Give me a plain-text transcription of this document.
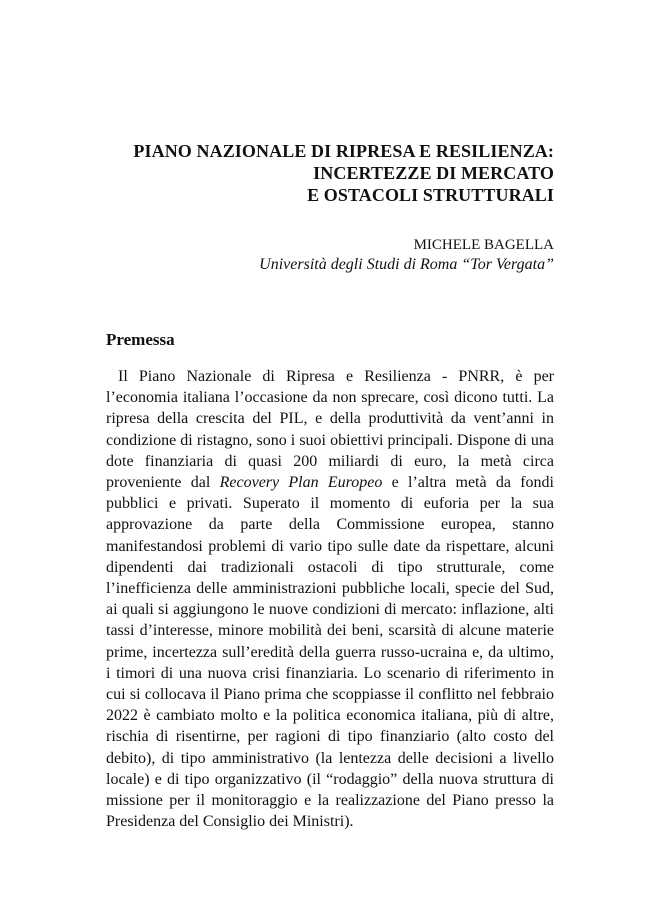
PIANO NAZIONALE DI RIPRESA E RESILIENZA:
INCERTEZZE DI MERCATO
E OSTACOLI STRUTTURALI
MICHELE BAGELLA
Università degli Studi di Roma “Tor Vergata”
Premessa

Il Piano Nazionale di Ripresa e Resilienza - PNRR, è per l’economia italiana l’occasione da non sprecare, così dicono tutti. La ripresa della crescita del PIL, e della produttività da vent’anni in condizione di ristagno, sono i suoi obiettivi principali. Dispone di una dote finanziaria di quasi 200 miliardi di euro, la metà circa proveniente dal Recovery Plan Europeo e l’altra metà da fondi pubblici e privati. Superato il momento di euforia per la sua approvazione da parte della Commissione europea, stanno manifestandosi problemi di vario tipo sulle date da rispettare, alcuni dipendenti dai tradizionali ostacoli di tipo strutturale, come l’inefficienza delle amministrazioni pubbliche locali, specie del Sud, ai quali si aggiungono le nuove condizioni di mercato: inflazione, alti tassi d’interesse, minore mobilità dei beni, scarsità di alcune materie prime, incertezza sull’eredità della guerra russo-ucraina e, da ultimo, i timori di una nuova crisi finanziaria. Lo scenario di riferimento in cui si collocava il Piano prima che scoppiasse il conflitto nel febbraio 2022 è cambiato molto e la politica economica italiana, più di altre, rischia di risentirne, per ragioni di tipo finanziario (alto costo del debito), di tipo amministrativo (la lentezza delle decisioni a livello locale) e di tipo organizzativo (il “rodaggio” della nuova struttura di missione per il monitoraggio e la realizzazione del Piano presso la Presidenza del Consiglio dei Ministri).
